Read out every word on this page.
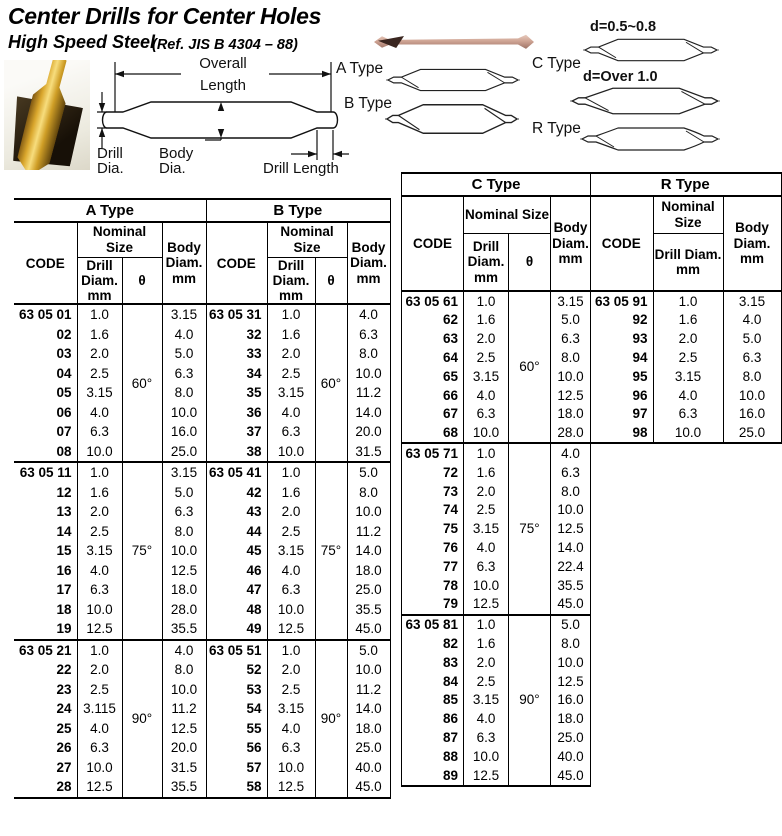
Center Drills for Center Holes
High Speed Steel
(Ref. JIS B 4304 – 88)
Overall
Length
Drill
Dia.
Body
Dia.	Drill Length
A Type
B Type
C Type
R Type
d=0.5~0.8
d=Over 1.0
A Type			
CODE	Nominal Size		Body Diam. mm
	Drill Diam. mm	θ	
63 05 01	1.0	60°	3.15
02	1.6		4.0
03	2.0		5.0
04	2.5		6.3
05	3.15		8.0
06	4.0		10.0
07	6.3		16.0
08	10.0		25.0
63 05 11	1.0	75°	3.15
12	1.6		5.0
13	2.0		6.3
14	2.5		8.0
15	3.15		10.0
16	4.0		12.5
17	6.3		18.0
18	10.0		28.0
19	12.5		35.5
63 05 21	1.0	90°	4.0
22	2.0		8.0
23	2.5		10.0
24	3.115		11.2
25	4.0		12.5
26	6.3		20.0
27	10.0		31.5
28	12.5		35.5
B Type			
CODE	Nominal Size		Body Diam. mm
	Drill Diam. mm	θ	
63 05 31	1.0	60°	4.0
32	1.6		6.3
33	2.0		8.0
34	2.5		10.0
35	3.15		11.2
36	4.0		14.0
37	6.3		20.0
38	10.0		31.5
63 05 41	1.0	75°	5.0
42	1.6		8.0
43	2.0		10.0
44	2.5		11.2
45	3.15		14.0
46	4.0		18.0
47	6.3		25.0
48	10.0		35.5
49	12.5		45.0
63 05 51	1.0	90°	5.0
52	2.0		10.0
53	2.5		11.2
54	3.15		14.0
55	4.0		18.0
56	6.3		25.0
57	10.0		40.0
58	12.5		45.0
C Type			
CODE	Nominal Size		Body Diam. mm
	Drill Diam. mm	θ	
63 05 61	1.0	60°	3.15
62	1.6		5.0
63	2.0		6.3
64	2.5		8.0
65	3.15		10.0
66	4.0		12.5
67	6.3		18.0
68	10.0		28.0
63 05 71	1.0	75°	4.0
72	1.6		6.3
73	2.0		8.0
74	2.5		10.0
75	3.15		12.5
76	4.0		14.0
77	6.3		22.4
78	10.0		35.5
79	12.5		45.0
63 05 81	1.0	90°	5.0
82	1.6		8.0
83	2.0		10.0
84	2.5		12.5
85	3.15		16.0
86	4.0		18.0
87	6.3		25.0
88	10.0		40.0
89	12.5		45.0
R Type		
CODE	Nominal Size	Body Diam. mm
	Drill Diam. mm	
63 05 91	1.0	3.15
92	1.6	4.0
93	2.0	5.0
94	2.5	6.3
95	3.15	8.0
96	4.0	10.0
97	6.3	16.0
98	10.0	25.0
